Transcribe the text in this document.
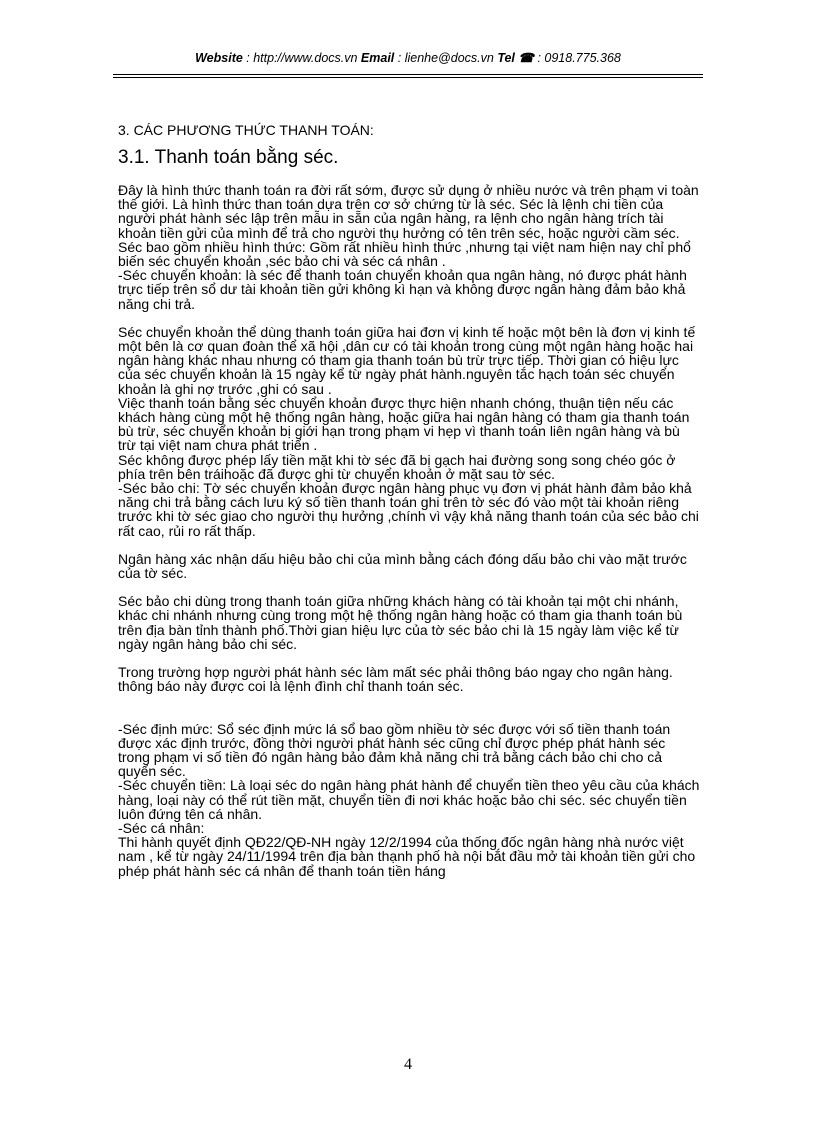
Website : http://www.docs.vn Email : lienhe@docs.vn Tel ☎ : 0918.775.368
3. CÁC PHƯƠNG THỨC THANH TOÁN:
3.1. Thanh toán bằng séc.

Đây là hình thức thanh toán ra đời rất sớm, được sử dụng ở nhiều nước và trên phạm vi toàn thế giới. Là hình thức than toán dựa trên cơ sở chứng từ là séc. Séc là lệnh chi tiền của người phát hành séc lập trên mẫu in sẵn của ngân hàng, ra lệnh cho ngân hàng trích tài khoản tiền gửi của mình để trả cho người thụ hưởng có tên trên séc, hoặc người cầm séc.

Séc bao gồm nhiều hình thức: Gồm rất nhiều hình thức ,nhưng tại việt nam hiện nay chỉ phổ biến séc chuyển khoản ,séc bảo chi và séc cá nhân .

-Séc chuyển khoản: là séc để thanh toán chuyển khoản qua ngân hàng, nó được phát hành trực tiếp trên sổ dư tài khoản tiền gửi không kì hạn và không được ngân hàng đảm bảo khả năng chi trả.

Séc chuyển khoản thể dùng thanh toán giữa hai đơn vị kinh tế hoặc một bên là đơn vị kinh tế một bên là cơ quan đoàn thể xã hội ,dân cư có tài khoản trong cùng một ngân hàng hoặc hai ngân hàng khác nhau nhưng có tham gia thanh toán bù trừ trực tiếp. Thời gian có hiệu lực của séc chuyển khoản là 15 ngày kể từ ngày phát hành.nguyên tắc hạch toán séc chuyển khoản là ghi nợ trước ,ghi có sau .

Việc thanh toán bằng séc chuyển khoản được thực hiện nhanh chóng, thuận tiện nếu các khách hàng cùng một hệ thống ngân hàng, hoặc giữa hai ngân hàng có tham gia thanh toán bù trừ, séc chuyển khoản bị giới hạn trong phạm vi hẹp vì thanh toán liên ngân hàng và bù trừ tại việt nam chưa phát triển .

Séc không được phép lấy tiền mặt khi tờ séc đã bị gạch hai đường song song chéo góc ở phía trên bên tráihoặc đã được ghi từ chuyển khoản ở mặt sau tờ séc.

-Séc bảo chi: Tờ séc chuyển khoản được ngân hàng phục vụ đơn vị phát hành đảm bảo khả năng chi trả bằng cách lưu ký số tiền thanh toán ghi trên tờ séc đó vào một tài khoản riêng trước khi tờ séc giao cho người thụ hưởng ,chính vì vậy khả năng thanh toán của séc bảo chi rất cao, rủi ro rất thấp.

Ngân hàng xác nhận dấu hiệu bảo chi của mình bằng cách đóng dấu bảo chi vào mặt trước của tờ séc.

Séc bảo chi dùng trong thanh toán giữa những khách hàng có tài khoản tại một chi nhánh, khác chi nhánh nhưng cùng trong một hệ thống ngân hàng hoặc có tham gia thanh toán bù trên địa bàn tỉnh thành phố.Thời gian hiệu lực của tờ séc bảo chi là 15 ngày làm việc kể từ ngày ngân hàng bảo chi séc.

Trong trường hợp người phát hành séc làm mất séc phải thông báo ngay cho ngân hàng. thông báo này được coi là lệnh đình chỉ thanh toán séc.

-Séc định mức: Sổ séc định mức lá sổ bao gồm nhiều tờ séc được với số tiền thanh toán được xác định trước, đồng thời người phát hành séc cũng chỉ được phép phát hành séc trong phạm vi số tiền đó ngân hàng bảo đảm khả năng chi trả bằng cách bảo chi cho cả quyển séc.

-Séc chuyển tiền: Là loại séc do ngân hàng phát hành để chuyển tiền theo yêu cầu của khách hàng, loại này có thể rút tiền mặt, chuyển tiền đi nơi khác hoặc bảo chi séc. séc chuyển tiền luôn đứng tên cá nhân.

-Séc cá nhân:

Thi hành quyết định QĐ22/QĐ-NH ngày 12/2/1994 của thống đốc ngân hàng nhà nước việt nam , kể từ ngày 24/11/1994 trên địa bàn thạnh phố hà nội bắt đầu mở tài khoản tiền gửi cho phép phát hành séc cá nhân để thanh toán tiền háng

4
